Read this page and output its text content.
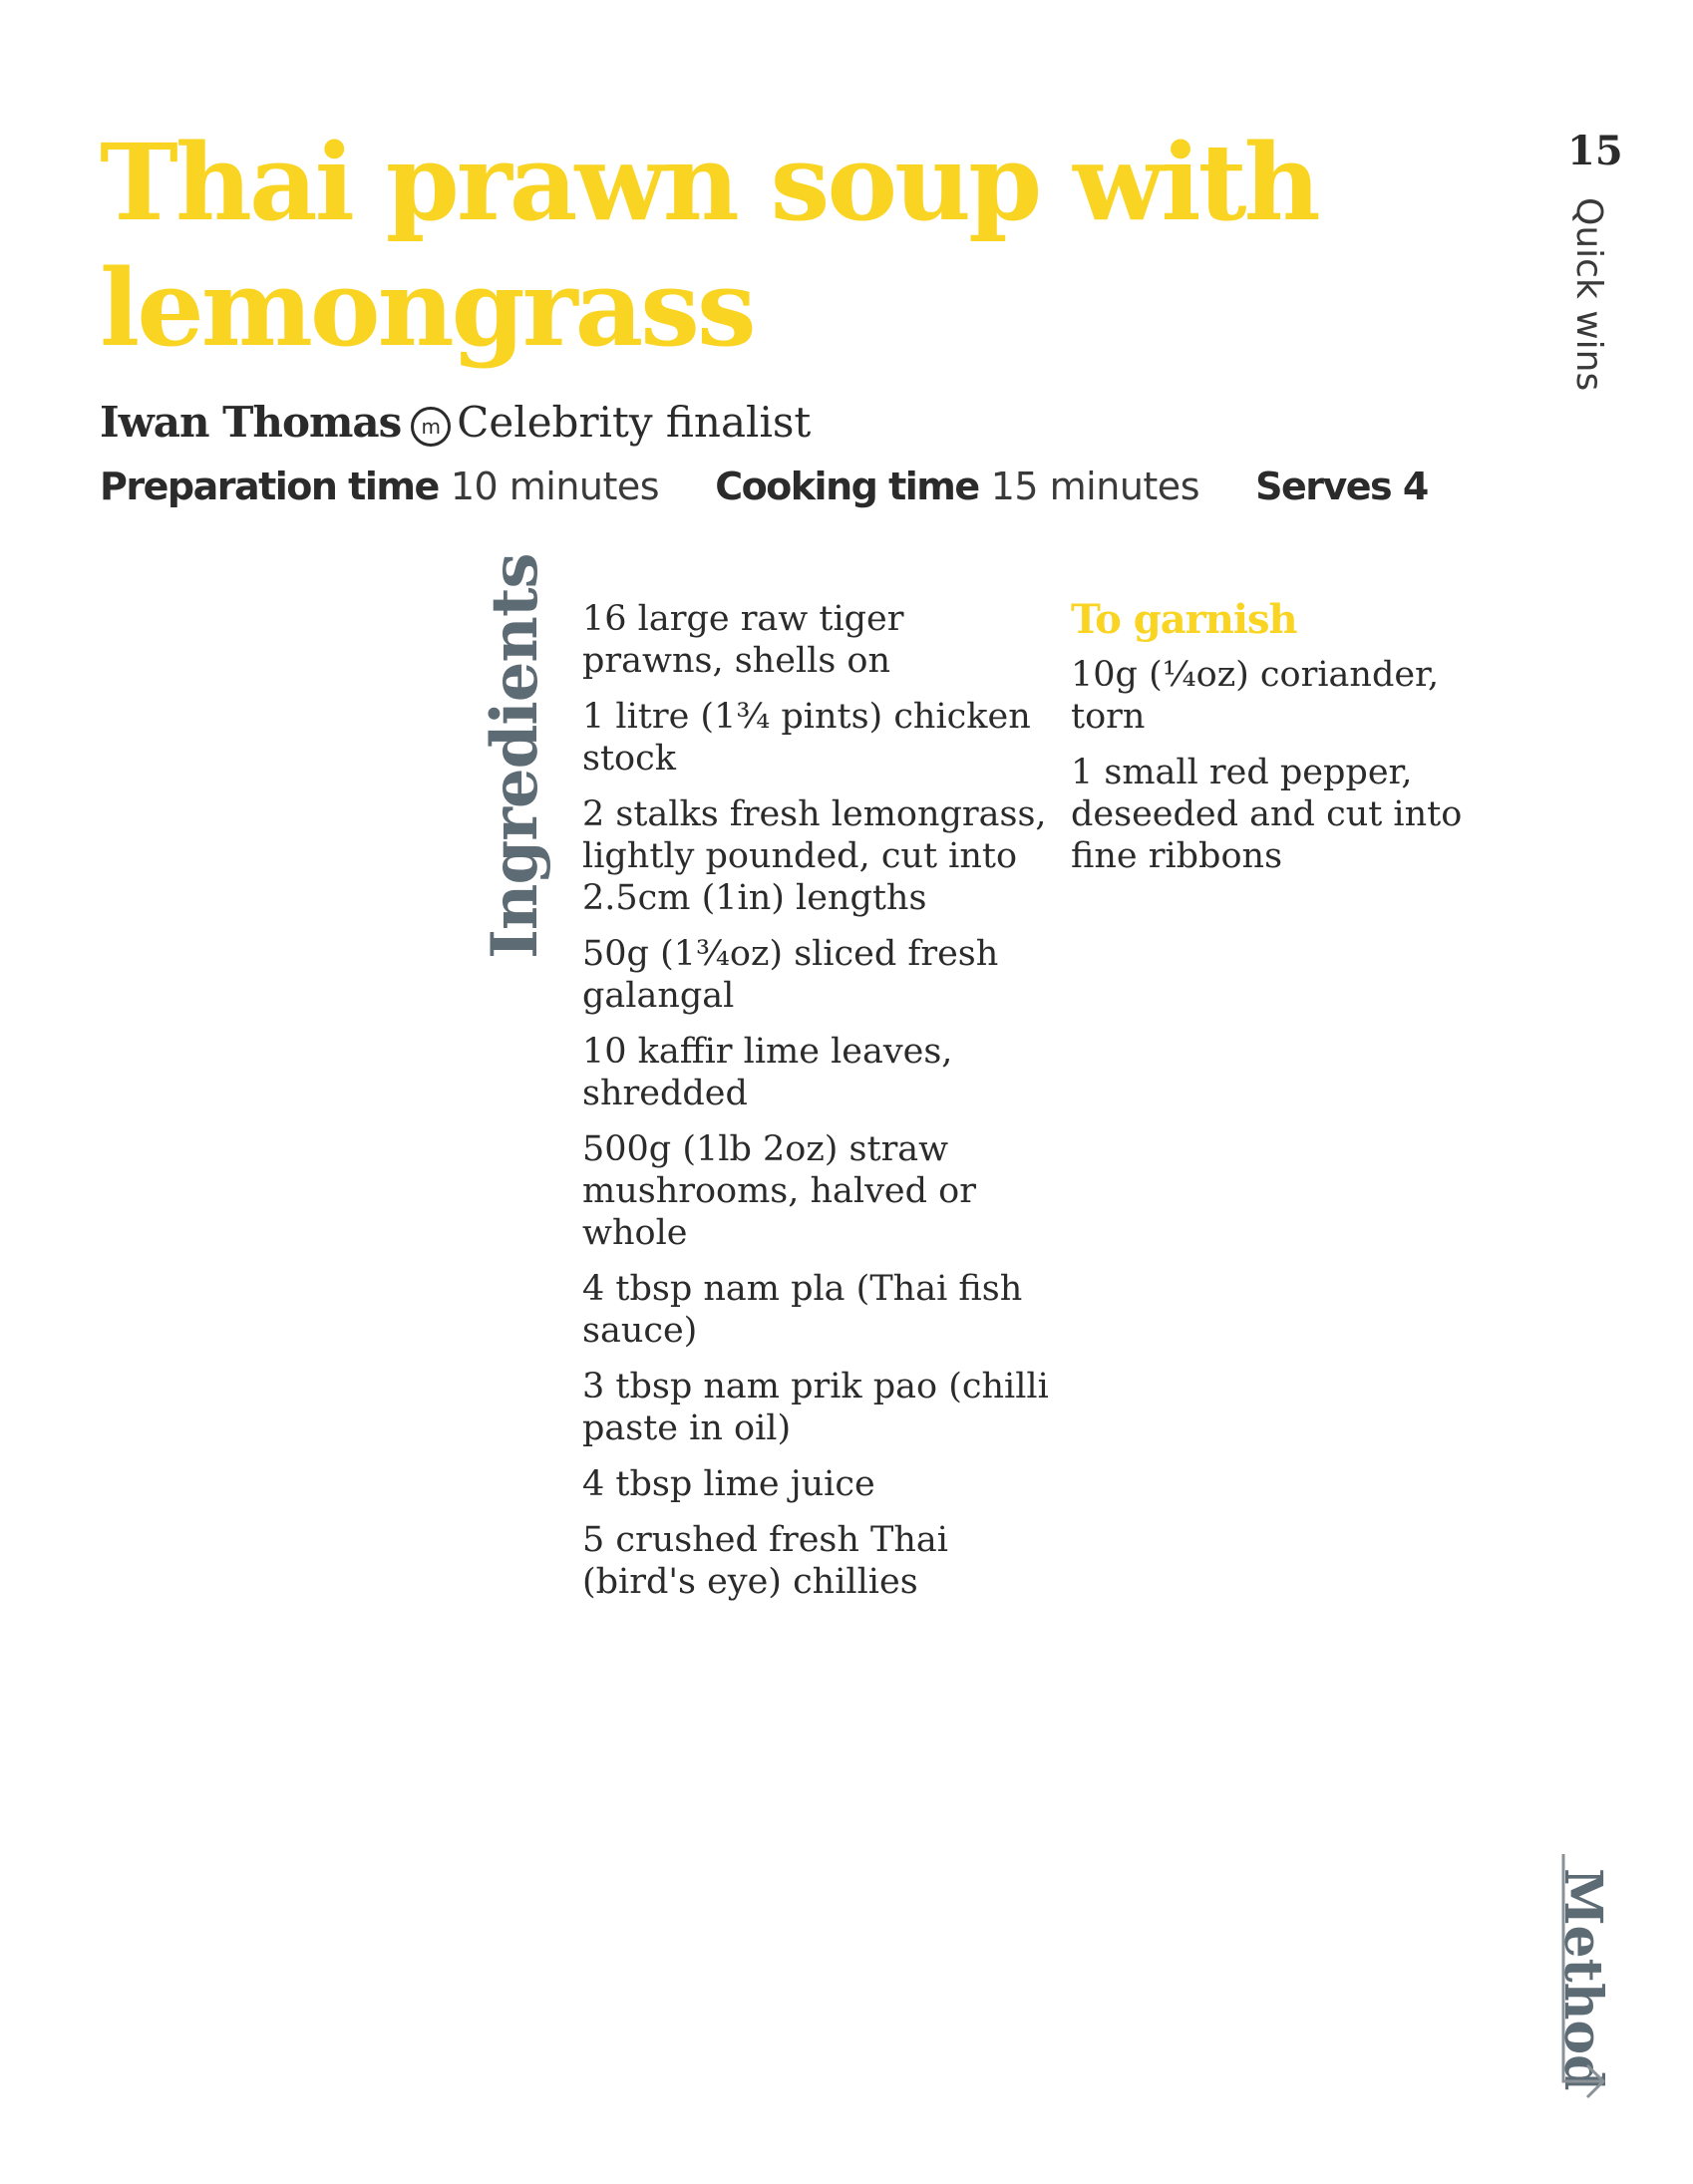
Thai prawn soup with lemongrass
Iwan Thomas m Celebrity finalist
Preparation time 10 minutes Cooking time 15 minutes Serves 4
15
Quick wins
Ingredients 16 large raw tiger prawns, shells on
1 litre (1¾ pints) chicken stock
2 stalks fresh lemongrass, lightly pounded, cut into 2.5cm (1in) lengths
50g (1¾oz) sliced fresh galangal
10 kaffir lime leaves, shredded
500g (1lb 2oz) straw mushrooms, halved or whole
4 tbsp nam pla (Thai fish sauce)
3 tbsp nam prik pao (chilli paste in oil)
4 tbsp lime juice
5 crushed fresh Thai (bird's eye) chillies
To garnish
10g (¼oz) coriander, torn
1 small red pepper, deseeded and cut into fine ribbons
Method
